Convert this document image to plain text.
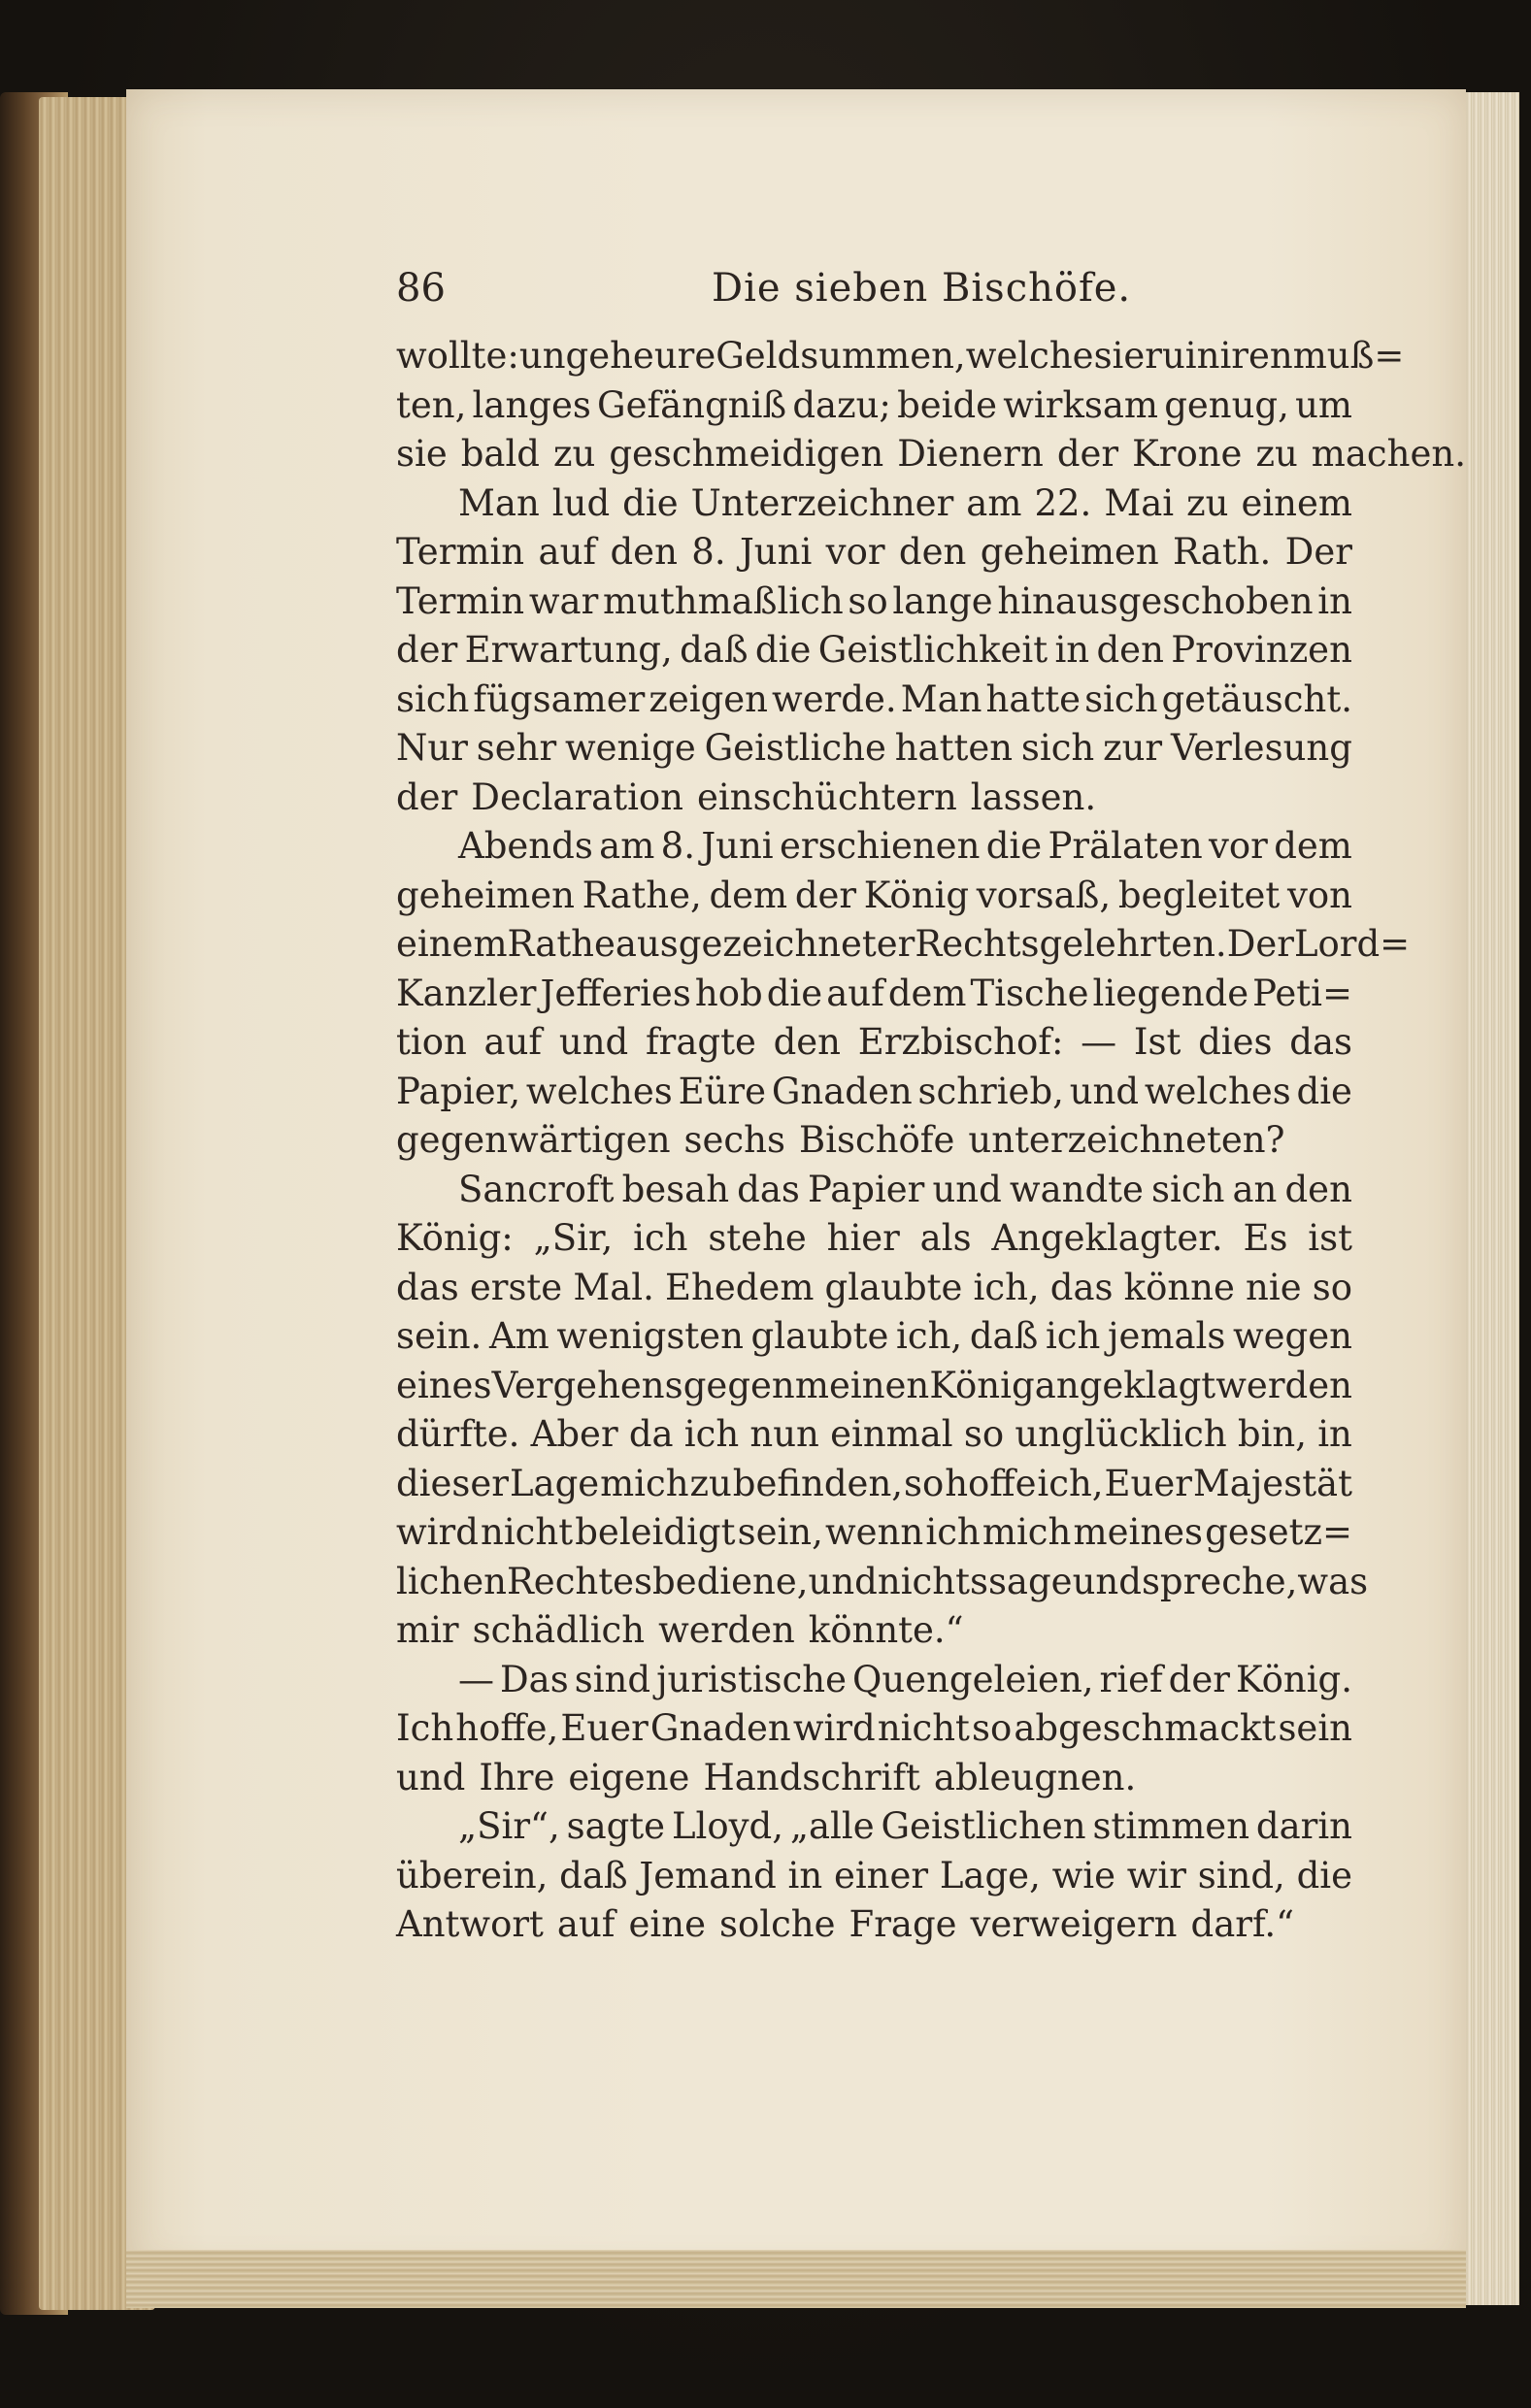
86	Die sieben Bischöfe.
wollte: ungeheure Geldsummen, welche sie ruiniren muß=
ten, langes Gefängniß dazu; beide wirksam genug, um
sie bald zu geschmeidigen Dienern der Krone zu machen.
Man lud die Unterzeichner am 22. Mai zu einem
Termin auf den 8. Juni vor den geheimen Rath. Der
Termin war muthmaßlich so lange hinausgeschoben in
der Erwartung, daß die Geistlichkeit in den Provinzen
sich fügsamer zeigen werde. Man hatte sich getäuscht.
Nur sehr wenige Geistliche hatten sich zur Verlesung
der Declaration einschüchtern lassen.
Abends am 8. Juni erschienen die Prälaten vor dem
geheimen Rathe, dem der König vorsaß, begleitet von
einem Rathe ausgezeichneter Rechtsgelehrten. Der Lord=
Kanzler Jefferies hob die auf dem Tische liegende Peti=
tion auf und fragte den Erzbischof: — Ist dies das
Papier, welches Eüre Gnaden schrieb, und welches die
gegenwärtigen sechs Bischöfe unterzeichneten?
Sancroft besah das Papier und wandte sich an den
König: „Sir, ich stehe hier als Angeklagter. Es ist
das erste Mal. Ehedem glaubte ich, das könne nie so
sein. Am wenigsten glaubte ich, daß ich jemals wegen
eines Vergehens gegen meinen König angeklagt werden
dürfte. Aber da ich nun einmal so unglücklich bin, in
dieser Lage mich zu befinden, so hoffe ich, Euer Majestät
wird nicht beleidigt sein, wenn ich mich meines gesetz=
lichen Rechtes bediene, und nichts sage und spreche, was
mir schädlich werden könnte.“
— Das sind juristische Quengeleien, rief der König.
Ich hoffe, Euer Gnaden wird nicht so abgeschmackt sein
und Ihre eigene Handschrift ableugnen.
„Sir“, sagte Lloyd, „alle Geistlichen stimmen darin
überein, daß Jemand in einer Lage, wie wir sind, die
Antwort auf eine solche Frage verweigern darf.“
